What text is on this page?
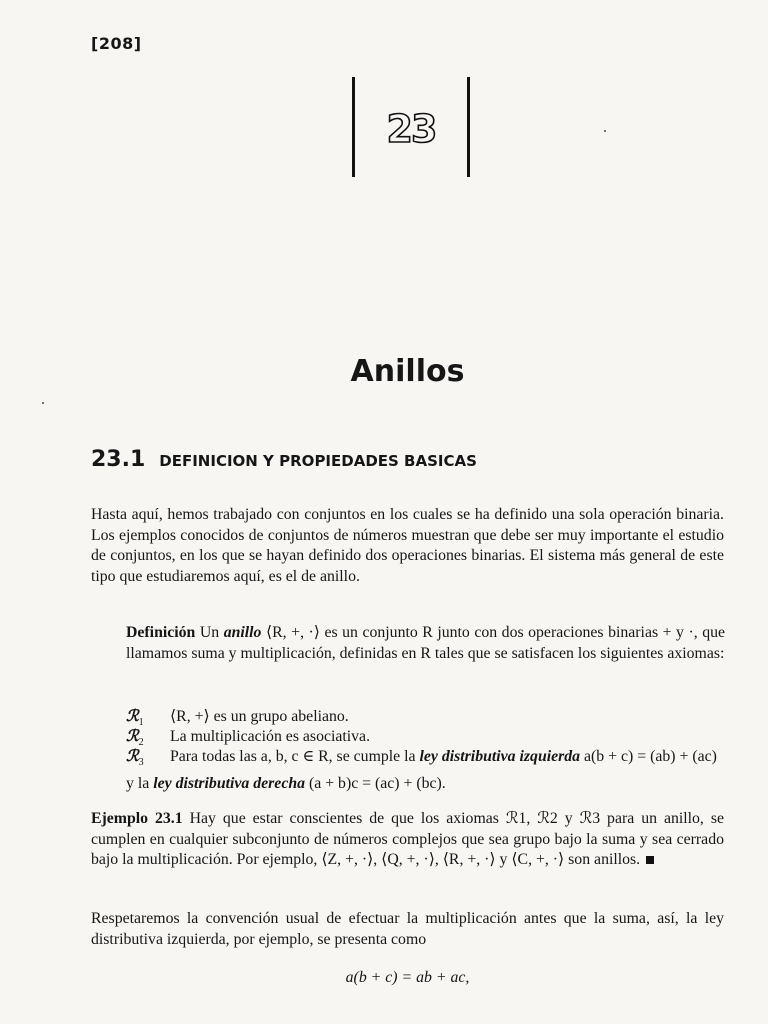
[208]
23
Anillos
23.1 DEFINICION Y PROPIEDADES BASICAS
Hasta aquí, hemos trabajado con conjuntos en los cuales se ha definido una sola operación binaria. Los ejemplos conocidos de conjuntos de números muestran que debe ser muy importante el estudio de conjuntos, en los que se hayan definido dos operaciones binarias. El sistema más general de este tipo que estudiaremos aquí, es el de anillo.
Definición Un anillo ⟨R, +, ·⟩ es un conjunto R junto con dos operaciones binarias + y ·, que llamamos suma y multiplicación, definidas en R tales que se satisfacen los siguientes axiomas:
ℛ$_1$ ⟨R, +⟩ es un grupo abeliano.
ℛ$_2$ La multiplicación es asociativa.
ℛ$_3$ Para todas las a, b, c ∈ R, se cumple la ley distributiva izquierda a(b + c) = (ab) + (ac) y la ley distributiva derecha (a + b)c = (ac) + (bc).
Ejemplo 23.1 Hay que estar conscientes de que los axiomas ℛ1, ℛ2 y ℛ3 para un anillo, se cumplen en cualquier subconjunto de números complejos que sea grupo bajo la suma y sea cerrado bajo la multiplicación. Por ejemplo, ⟨Z, +, ·⟩, ⟨Q, +, ·⟩, ⟨R, +, ·⟩ y ⟨C, +, ·⟩ son anillos.
Respetaremos la convención usual de efectuar la multiplicación antes que la suma, así, la ley distributiva izquierda, por ejemplo, se presenta como
a(b + c) = ab + ac,
